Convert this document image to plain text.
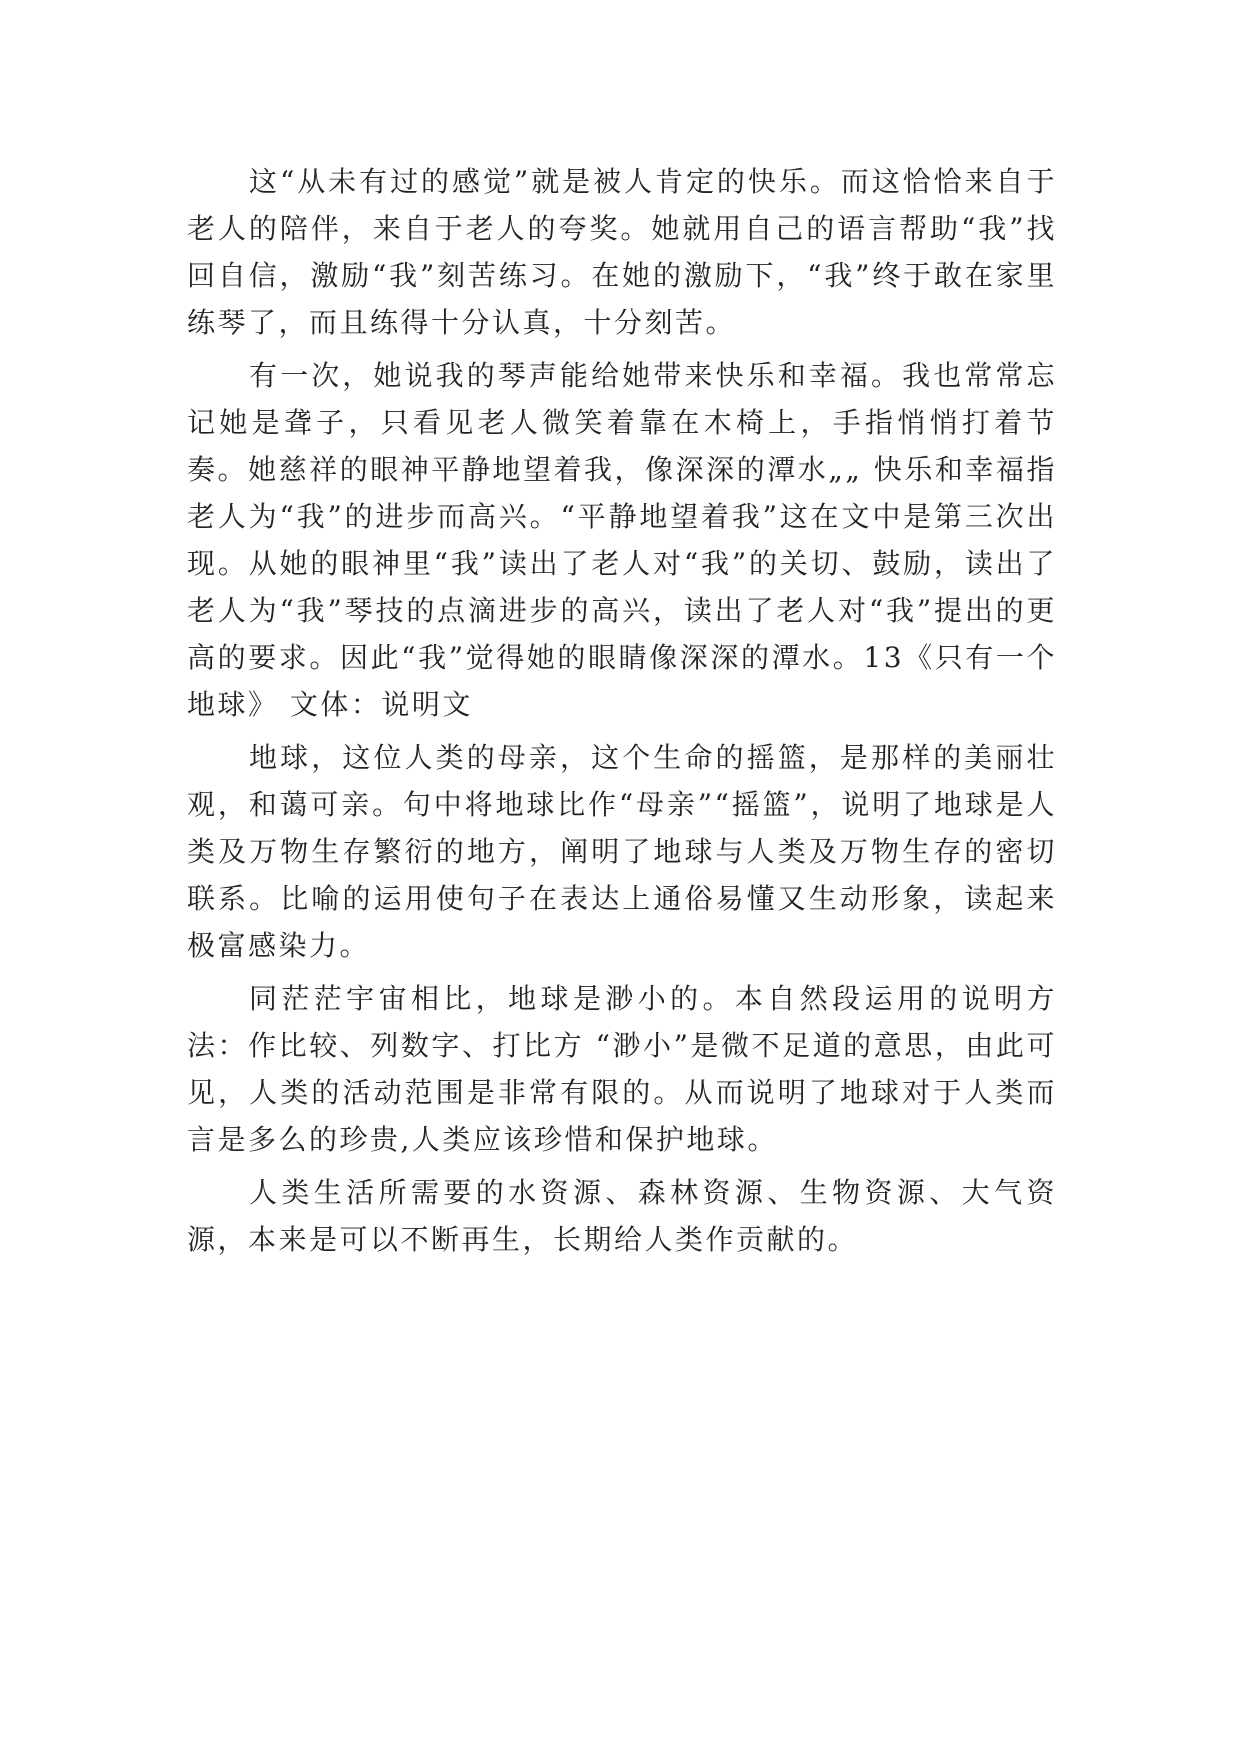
这“从未有过的感觉”就是被人肯定的快乐。而这恰恰来自于老人的陪伴，来自于老人的夸奖。她就用自己的语言帮助“我”找回自信，激励“我”刻苦练习。在她的激励下，“我”终于敢在家里练琴了，而且练得十分认真，十分刻苦。

有一次，她说我的琴声能给她带来快乐和幸福。我也常常忘记她是聋子，只看见老人微笑着靠在木椅上，手指悄悄打着节奏。她慈祥的眼神平静地望着我，像深深的潭水„„ 快乐和幸福指老人为“我”的进步而高兴。“平静地望着我”这在文中是第三次出现。从她的眼神里“我”读出了老人对“我”的关切、鼓励，读出了老人为“我”琴技的点滴进步的高兴，读出了老人对“我”提出的更高的要求。因此“我”觉得她的眼睛像深深的潭水。13《只有一个地球》 文体：说明文

地球，这位人类的母亲，这个生命的摇篮，是那样的美丽壮观，和蔼可亲。句中将地球比作“母亲”“摇篮”，说明了地球是人类及万物生存繁衍的地方，阐明了地球与人类及万物生存的密切联系。比喻的运用使句子在表达上通俗易懂又生动形象，读起来极富感染力。

同茫茫宇宙相比，地球是渺小的。本自然段运用的说明方法：作比较、列数字、打比方 “渺小”是微不足道的意思，由此可见，人类的活动范围是非常有限的。从而说明了地球对于人类而言是多么的珍贵,人类应该珍惜和保护地球。

人类生活所需要的水资源、森林资源、生物资源、大气资源，本来是可以不断再生，长期给人类作贡献的。
